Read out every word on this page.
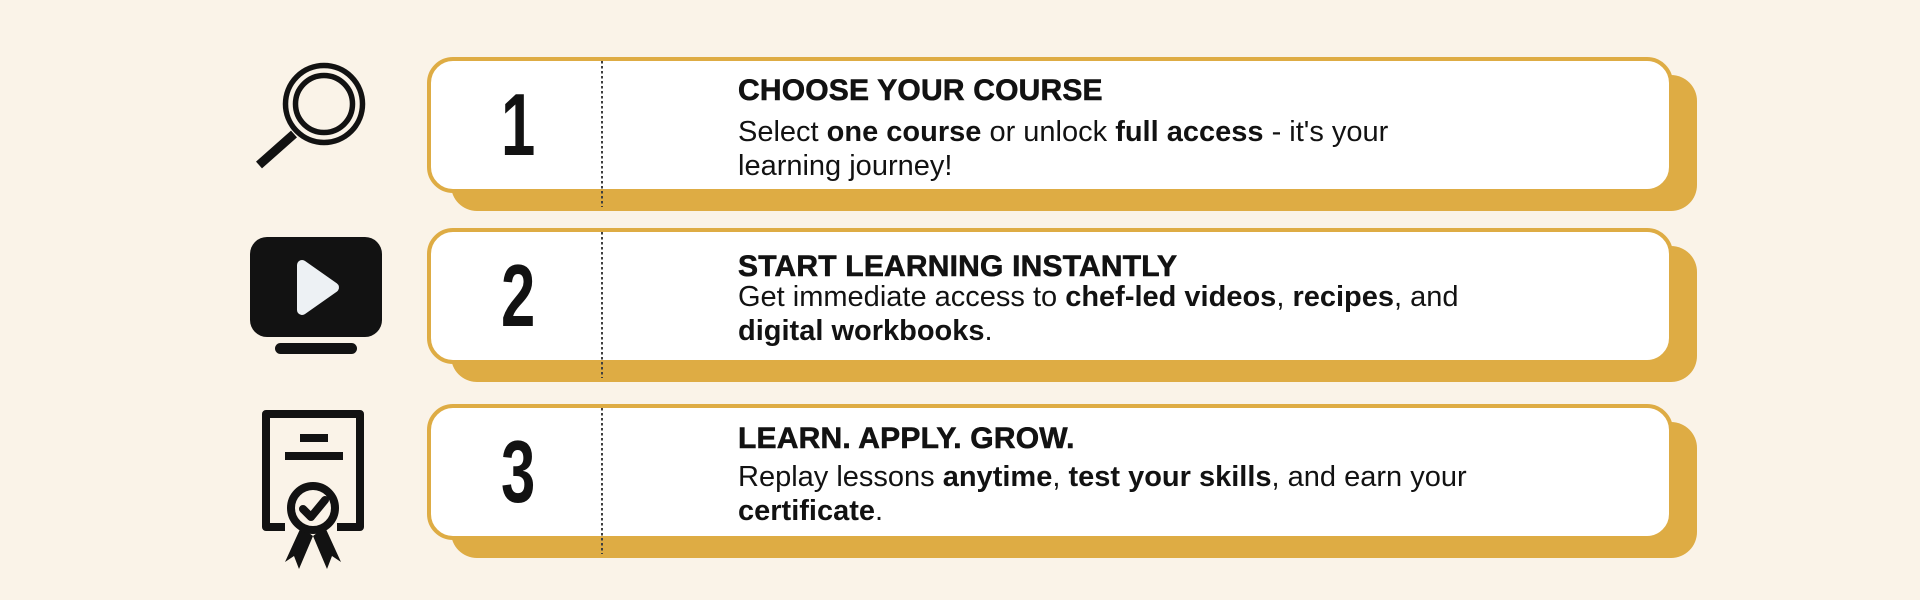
1	CHOOSE YOUR COURSE

Select one course or unlock full access - it's your
learning journey!

2	START LEARNING INSTANTLY

Get immediate access to chef-led videos, recipes, and
digital workbooks.

3	LEARN. APPLY. GROW.

Replay lessons anytime, test your skills, and earn your
certificate.
